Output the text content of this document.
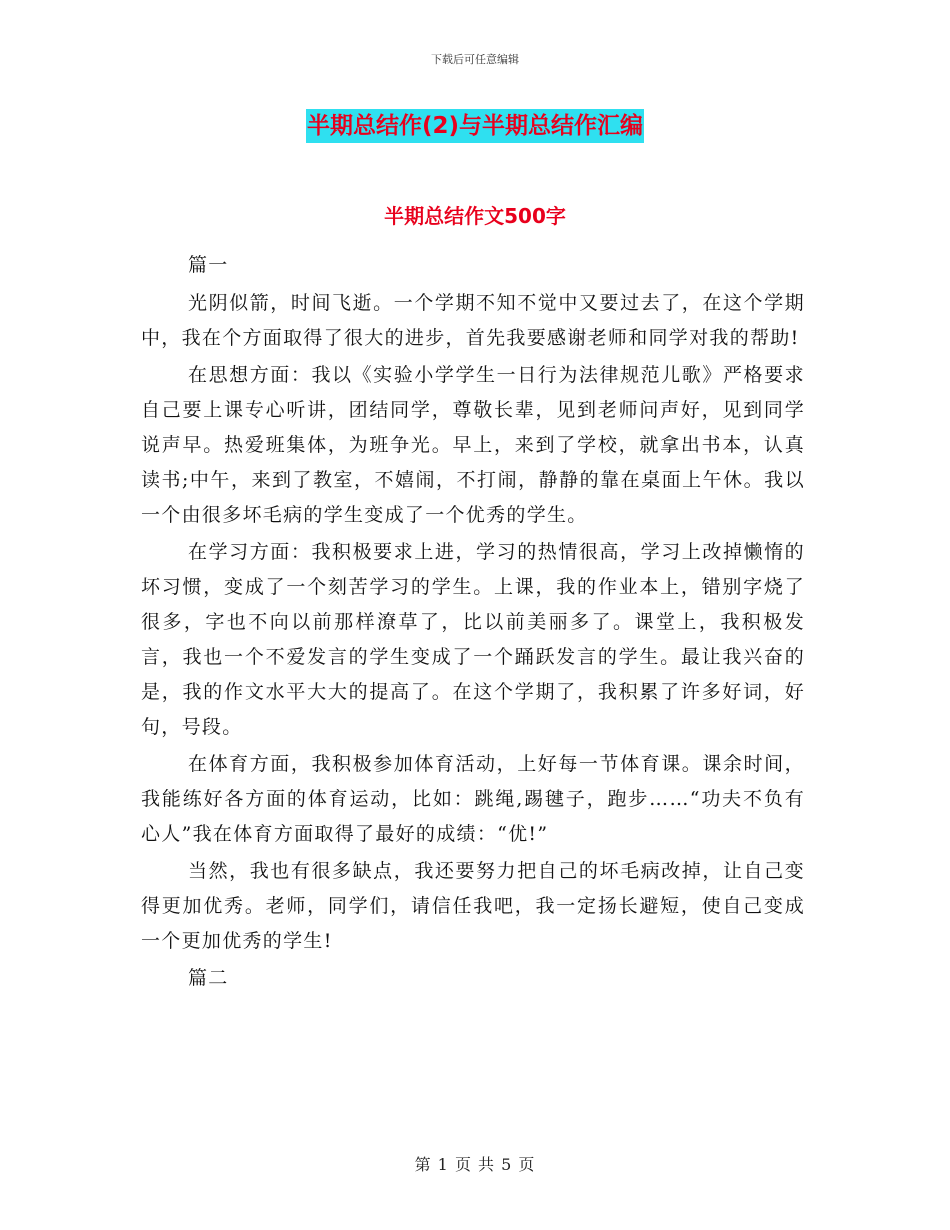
下载后可任意编辑
半期总结作(2)与半期总结作汇编
半期总结作文500字

篇一

光阴似箭，时间飞逝。一个学期不知不觉中又要过去了，在这个学期中，我在个方面取得了很大的进步，首先我要感谢老师和同学对我的帮助!

在思想方面：我以《实验小学学生一日行为法律规范儿歌》严格要求自己要上课专心听讲，团结同学，尊敬长辈，见到老师问声好，见到同学说声早。热爱班集体，为班争光。早上，来到了学校，就拿出书本，认真读书;中午，来到了教室，不嬉闹，不打闹，静静的靠在桌面上午休。我以一个由很多坏毛病的学生变成了一个优秀的学生。

在学习方面：我积极要求上进，学习的热情很高，学习上改掉懒惰的坏习惯，变成了一个刻苦学习的学生。上课，我的作业本上，错别字烧了很多，字也不向以前那样潦草了，比以前美丽多了。课堂上，我积极发言，我也一个不爱发言的学生变成了一个踊跃发言的学生。最让我兴奋的是，我的作文水平大大的提高了。在这个学期了，我积累了许多好词，好句，号段。

在体育方面，我积极参加体育活动，上好每一节体育课。课余时间，我能练好各方面的体育运动，比如：跳绳,踢毽子，跑步……“功夫不负有心人”我在体育方面取得了最好的成绩：“优!”

当然，我也有很多缺点，我还要努力把自己的坏毛病改掉，让自己变得更加优秀。老师，同学们，请信任我吧，我一定扬长避短，使自己变成一个更加优秀的学生!

篇二

第 1 页 共 5 页
